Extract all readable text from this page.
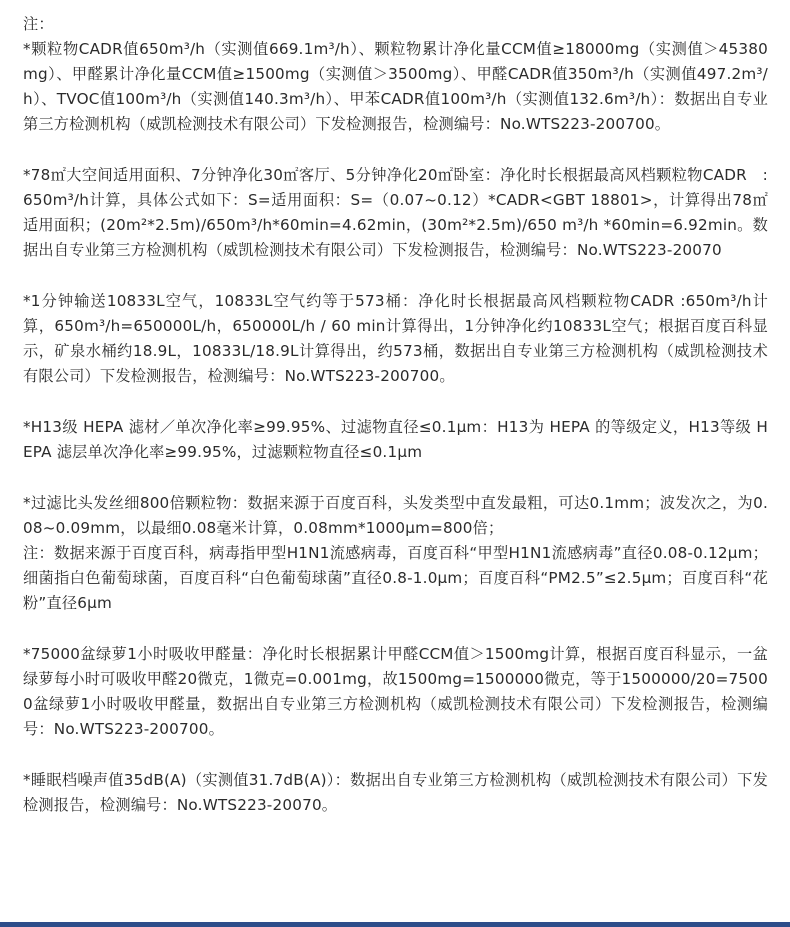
注：

*颗粒物CADR值650m³/h（实测值669.1m³/h）、颗粒物累计净化量CCM值≥18000mg（实测值＞45380mg）、甲醛累计净化量CCM值≥1500mg（实测值＞3500mg）、甲醛CADR值350m³/h（实测值497.2m³/h）、TVOC值100m³/h（实测值140.3m³/h）、甲苯CADR值100m³/h（实测值132.6m³/h）：数据出自专业第三方检测机构（威凯检测技术有限公司）下发检测报告，检测编号：No.WTS223-200700。

*78㎡大空间适用面积、7分钟净化30㎡客厅、5分钟净化20㎡卧室：净化时长根据最高风档颗粒物CADR　:650m³/h计算，具体公式如下：S=适用面积：S=（0.07~0.12）*CADR<GBT 18801>，计算得出78㎡适用面积；(20m²*2.5m)/650m³/h*60min=4.62min，(30m²*2.5m)/650 m³/h *60min=6.92min。数据出自专业第三方检测机构（威凯检测技术有限公司）下发检测报告，检测编号：No.WTS223-20070

*1分钟输送10833L空气，10833L空气约等于573桶：净化时长根据最高风档颗粒物CADR :650m³/h计算，650m³/h=650000L/h，650000L/h / 60 min计算得出，1分钟净化约10833L空气；根据百度百科显示，矿泉水桶约18.9L，10833L/18.9L计算得出，约573桶，数据出自专业第三方检测机构（威凯检测技术有限公司）下发检测报告，检测编号：No.WTS223-200700。

*H13级 HEPA 滤材／单次净化率≥99.95%、过滤物直径≤0.1μm：H13为 HEPA 的等级定义，H13等级 HEPA 滤层单次净化率≥99.95%，过滤颗粒物直径≤0.1μm

*过滤比头发丝细800倍颗粒物：数据来源于百度百科，头发类型中直发最粗，可达0.1mm；波发次之，为0.08~0.09mm，以最细0.08毫米计算，0.08mm*1000μm=800倍；

注：数据来源于百度百科，病毒指甲型H1N1流感病毒，百度百科“甲型H1N1流感病毒”直径0.08-0.12μm；细菌指白色葡萄球菌，百度百科“白色葡萄球菌”直径0.8-1.0μm；百度百科“PM2.5”≤2.5μm；百度百科“花粉”直径6μm

*75000盆绿萝1小时吸收甲醛量：净化时长根据累计甲醛CCM值＞1500mg计算，根据百度百科显示，一盆绿萝每小时可吸收甲醛20微克，1微克=0.001mg，故1500mg=1500000微克，等于1500000/20=75000盆绿萝1小时吸收甲醛量，数据出自专业第三方检测机构（威凯检测技术有限公司）下发检测报告，检测编号：No.WTS223-200700。

*睡眠档噪声值35dB(A)（实测值31.7dB(A)）：数据出自专业第三方检测机构（威凯检测技术有限公司）下发检测报告，检测编号：No.WTS223-20070。
